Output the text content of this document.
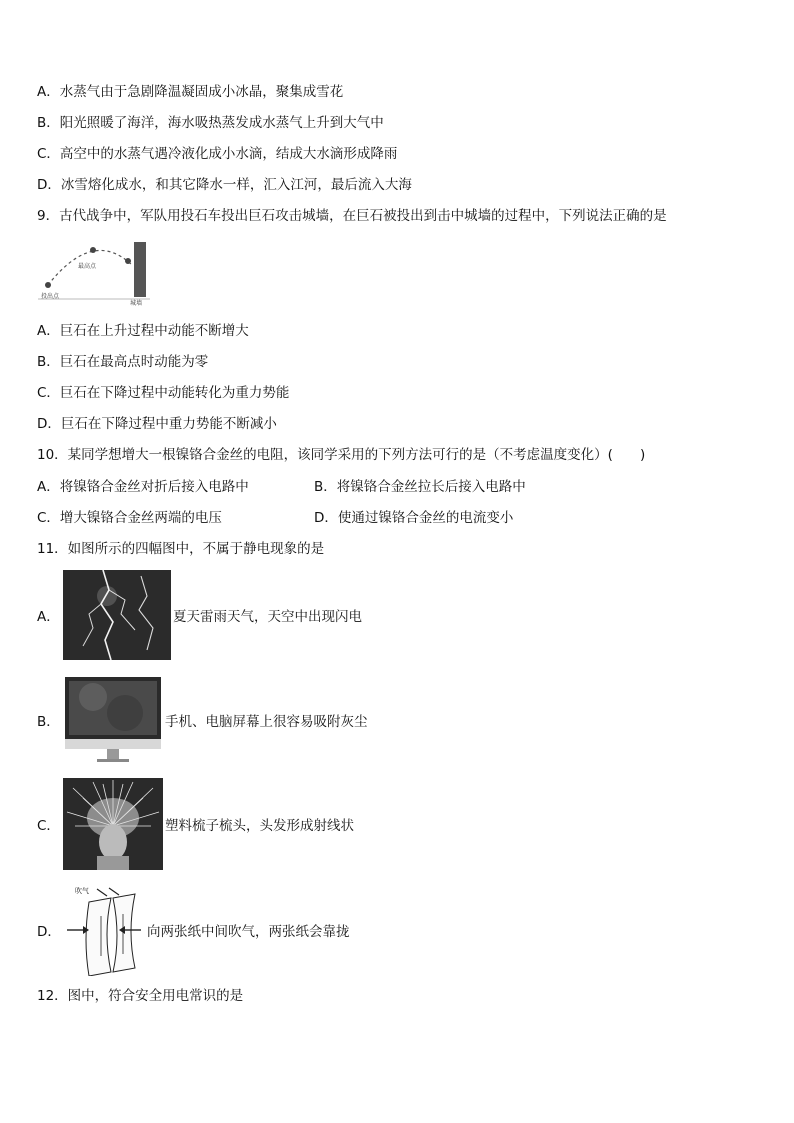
A．水蒸气由于急剧降温凝固成小冰晶，聚集成雪花
B．阳光照暖了海洋，海水吸热蒸发成水蒸气上升到大气中
C．高空中的水蒸气遇冷液化成小水滴，结成大水滴形成降雨
D．冰雪熔化成水，和其它降水一样，汇入江河，最后流入大海
9．古代战争中，军队用投石车投出巨石攻击城墙，在巨石被投出到击中城墙的过程中，下列说法正确的是
最高点
投出点
城墙
A．巨石在上升过程中动能不断增大
B．巨石在最高点时动能为零
C．巨石在下降过程中动能转化为重力势能
D．巨石在下降过程中重力势能不断减小
10．某同学想增大一根镍铬合金丝的电阻，该同学采用的下列方法可行的是（不考虑温度变化）(　　)
A．将镍铬合金丝对折后接入电路中	B．将镍铬合金丝拉长后接入电路中
C．增大镍铬合金丝两端的电压	D．使通过镍铬合金丝的电流变小
11．如图所示的四幅图中，不属于静电现象的是
A．	夏天雷雨天气，天空中出现闪电
B．	手机、电脑屏幕上很容易吸附灰尘
C．	塑料梳子梳头，头发形成射线状
D．
吹气
向两张纸中间吹气，两张纸会靠拢
12．图中，符合安全用电常识的是
